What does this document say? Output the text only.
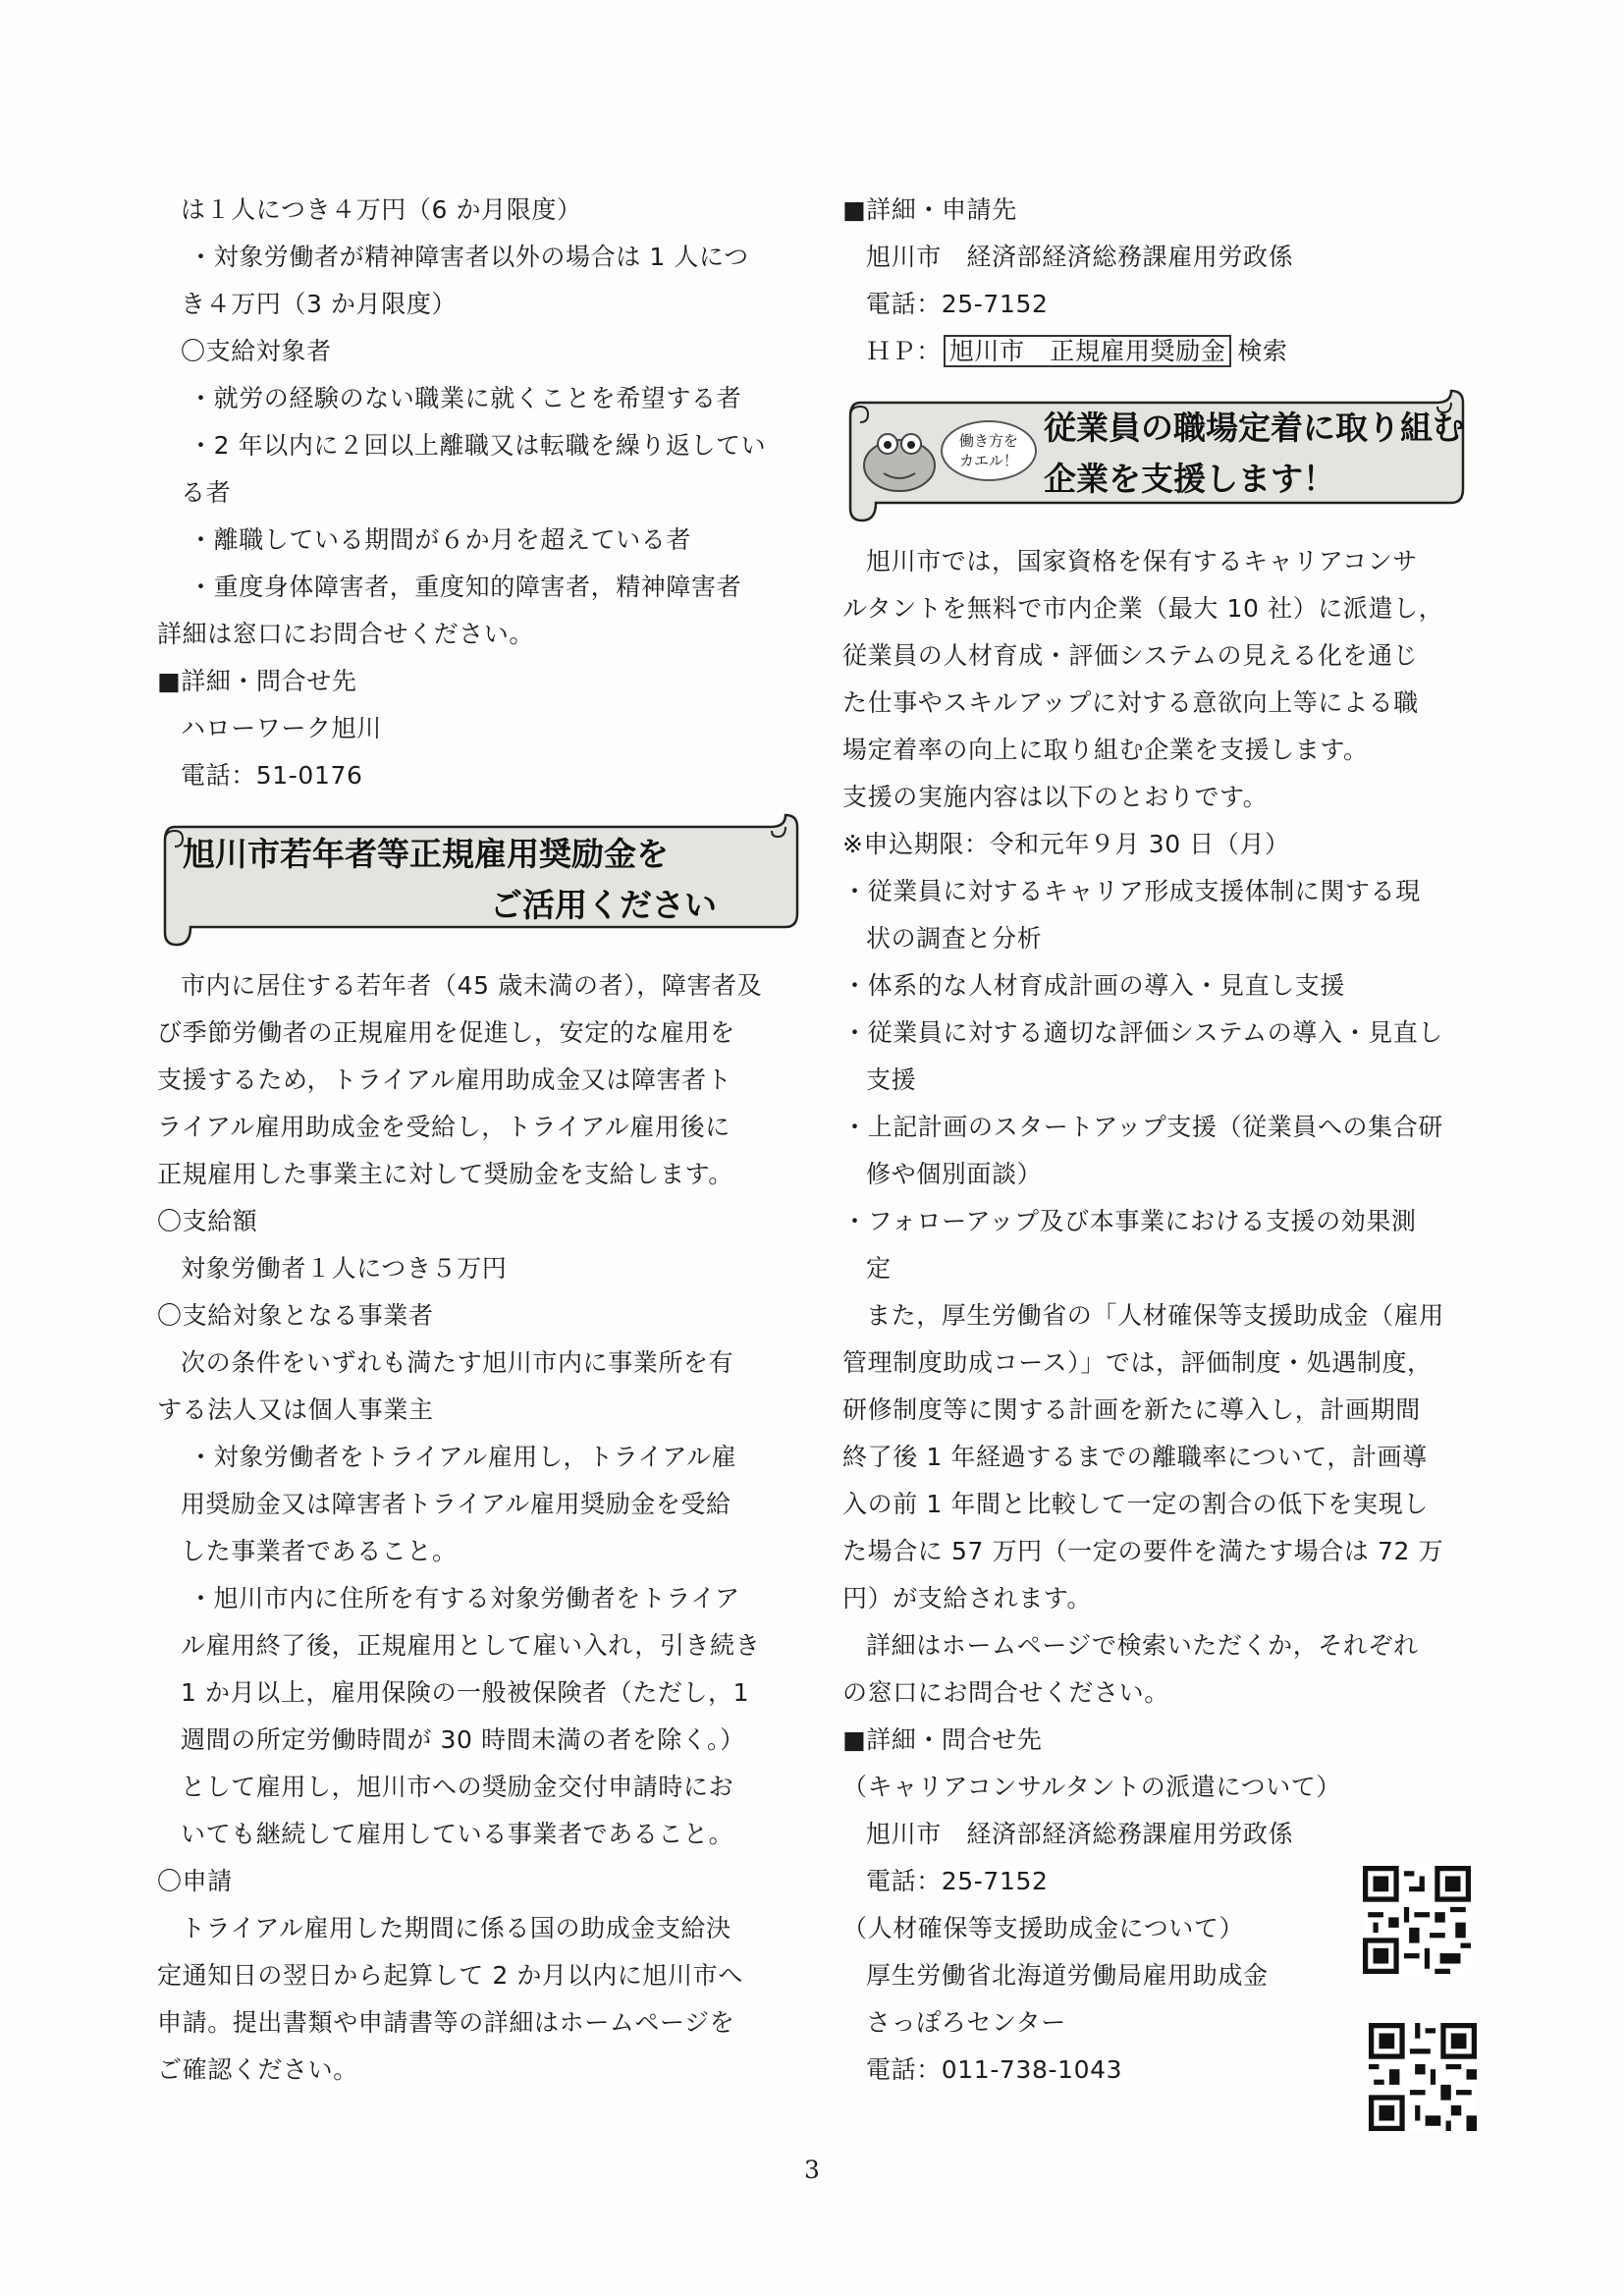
は１人につき４万円（6 か月限度）
・対象労働者が精神障害者以外の場合は 1 人につ
き４万円（3 か月限度）
〇支給対象者
・就労の経験のない職業に就くことを希望する者
・2 年以内に２回以上離職又は転職を繰り返してい
る者
・離職している期間が６か月を超えている者
・重度身体障害者，重度知的障害者，精神障害者
詳細は窓口にお問合せください。
■詳細・問合せ先
ハローワーク旭川
電話：51-0176
旭川市若年者等正規雇用奨励金を
ご活用ください
市内に居住する若年者（45 歳未満の者），障害者及
び季節労働者の正規雇用を促進し，安定的な雇用を
支援するため，トライアル雇用助成金又は障害者ト
ライアル雇用助成金を受給し，トライアル雇用後に
正規雇用した事業主に対して奨励金を支給します。
〇支給額
対象労働者１人につき５万円
〇支給対象となる事業者
次の条件をいずれも満たす旭川市内に事業所を有
する法人又は個人事業主
・対象労働者をトライアル雇用し，トライアル雇
用奨励金又は障害者トライアル雇用奨励金を受給
した事業者であること。
・旭川市内に住所を有する対象労働者をトライア
ル雇用終了後，正規雇用として雇い入れ，引き続き
1 か月以上，雇用保険の一般被保険者（ただし，1
週間の所定労働時間が 30 時間未満の者を除く。）
として雇用し，旭川市への奨励金交付申請時にお
いても継続して雇用している事業者であること。
〇申請
トライアル雇用した期間に係る国の助成金支給決
定通知日の翌日から起算して 2 か月以内に旭川市へ
申請。提出書類や申請書等の詳細はホームページを
ご確認ください。
■詳細・申請先
旭川市　経済部経済総務課雇用労政係
電話：25-7152
ＨＰ： 旭川市　正規雇用奨励金 検索
働き方を
カエル！
従業員の職場定着に取り組む
企業を支援します！
旭川市では，国家資格を保有するキャリアコンサ
ルタントを無料で市内企業（最大 10 社）に派遣し，
従業員の人材育成・評価システムの見える化を通じ
た仕事やスキルアップに対する意欲向上等による職
場定着率の向上に取り組む企業を支援します。
支援の実施内容は以下のとおりです。
※申込期限：令和元年９月 30 日（月）
・従業員に対するキャリア形成支援体制に関する現
状の調査と分析
・体系的な人材育成計画の導入・見直し支援
・従業員に対する適切な評価システムの導入・見直し
支援
・上記計画のスタートアップ支援（従業員への集合研
修や個別面談）
・フォローアップ及び本事業における支援の効果測
定
また，厚生労働省の「人材確保等支援助成金（雇用
管理制度助成コース）」では，評価制度・処遇制度，
研修制度等に関する計画を新たに導入し，計画期間
終了後 1 年経過するまでの離職率について，計画導
入の前 1 年間と比較して一定の割合の低下を実現し
た場合に 57 万円（一定の要件を満たす場合は 72 万
円）が支給されます。
詳細はホームページで検索いただくか，それぞれ
の窓口にお問合せください。
■詳細・問合せ先
（キャリアコンサルタントの派遣について）
旭川市　経済部経済総務課雇用労政係
電話：25-7152
（人材確保等支援助成金について）
厚生労働省北海道労働局雇用助成金
さっぽろセンター
電話：011-738-1043
3
